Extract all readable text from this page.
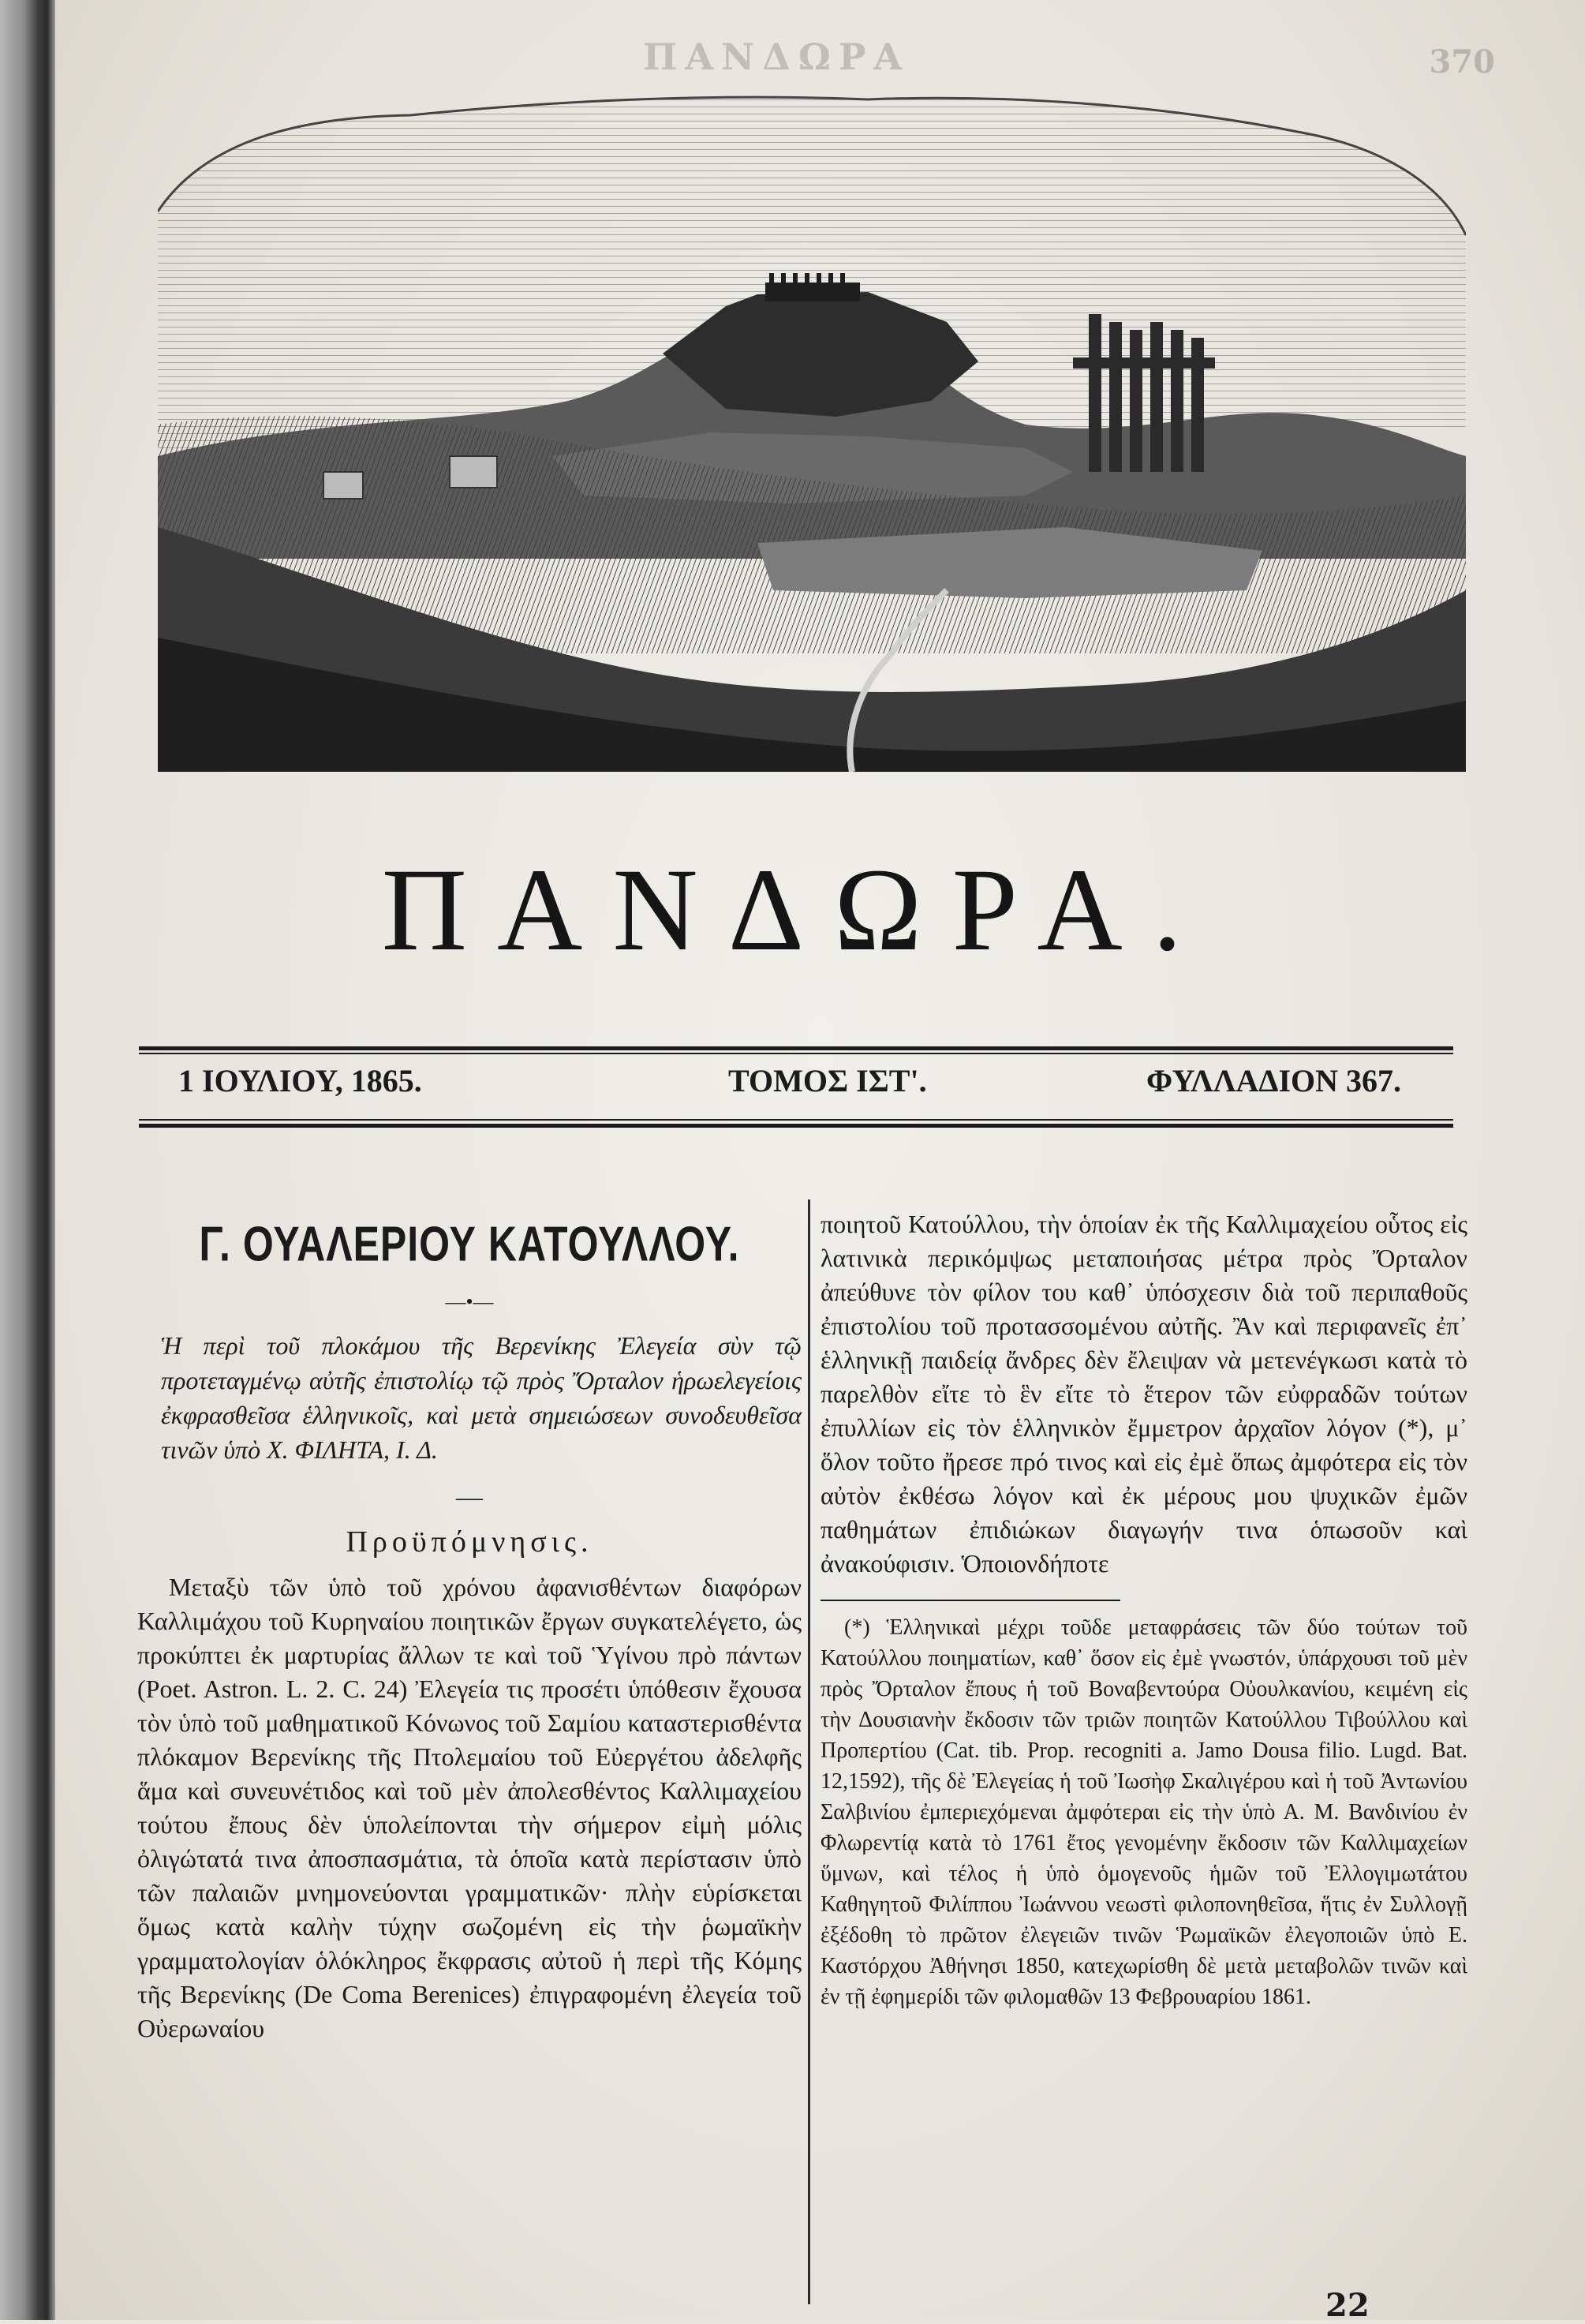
ΠΑΝΔΩΡΑ	370
ΠΑΝΔΩΡΑ.
1 ΙΟΥΛΙΟΥ, 1865.	ΤΟΜΟΣ ΙΣΤ'.	ΦΥΛΛΑΔΙΟΝ 367.
Γ. ΟΥΑΛΕΡΙΟΥ ΚΑΤΟΥΛΛΟΥ.
—•—

Ἡ περὶ τοῦ πλοκάμου τῆς Βερενίκης Ἐλεγεία σὺν τῷ προτεταγμένῳ αὐτῆς ἐπιστολίῳ τῷ πρὸς Ὄρταλον ἡρωελεγείοις ἐκφρασθεῖσα ἑλληνικοῖς, καὶ μετὰ σημειώσεων συνοδευθεῖσα τινῶν ὑπὸ Χ. ΦΙΛΗΤΑ, Ι. Δ.

—
Προϋπόμνησις.

Μεταξὺ τῶν ὑπὸ τοῦ χρόνου ἀφανισθέντων διαφόρων Καλλιμάχου τοῦ Κυρηναίου ποιητικῶν ἔργων συγκατελέγετο, ὡς προκύπτει ἐκ μαρτυρίας ἄλλων τε καὶ τοῦ Ὑγίνου πρὸ πάντων (Poet. Astron. L. 2. C. 24) Ἐλεγεία τις προσέτι ὑπόθεσιν ἔχουσα τὸν ὑπὸ τοῦ μαθηματικοῦ Κόνωνος τοῦ Σαμίου καταστερισθέντα πλόκαμον Βερενίκης τῆς Πτολεμαίου τοῦ Εὐεργέτου ἀδελφῆς ἅμα καὶ συνευνέτιδος καὶ τοῦ μὲν ἀπολεσθέντος Καλλιμαχείου τούτου ἔπους δὲν ὑπολείπονται τὴν σήμερον εἰμὴ μόλις ὀλιγώτατά τινα ἀποσπασμάτια, τὰ ὁποῖα κατὰ περίστασιν ὑπὸ τῶν παλαιῶν μνημονεύονται γραμματικῶν· πλὴν εὑρίσκεται ὅμως κατὰ καλὴν τύχην σωζομένη εἰς τὴν ῥωμαϊκὴν γραμματολογίαν ὁλόκληρος ἔκφρασις αὐτοῦ ἡ περὶ τῆς Κόμης τῆς Βερενίκης (De Coma Berenices) ἐπιγραφομένη ἐλεγεία τοῦ Οὐερωναίου

ποιητοῦ Κατούλλου, τὴν ὁποίαν ἐκ τῆς Καλλιμαχείου οὗτος εἰς λατινικὰ περικόμψως μεταποιήσας μέτρα πρὸς Ὄρταλον ἀπεύθυνε τὸν φίλον του καθ᾿ ὑπόσχεσιν διὰ τοῦ περιπαθοῦς ἐπιστολίου τοῦ προτασσομένου αὐτῆς. Ἂν καὶ περιφανεῖς ἐπ᾿ ἑλληνικῇ παιδείᾳ ἄνδρες δὲν ἔλειψαν νὰ μετενέγκωσι κατὰ τὸ παρελθὸν εἴτε τὸ ἓν εἴτε τὸ ἕτερον τῶν εὐφραδῶν τούτων ἐπυλλίων εἰς τὸν ἑλληνικὸν ἔμμετρον ἀρχαῖον λόγον (*), μ᾿ ὅλον τοῦτο ἤρεσε πρό τινος καὶ εἰς ἐμὲ ὅπως ἀμφότερα εἰς τὸν αὐτὸν ἐκθέσω λόγον καὶ ἐκ μέρους μου ψυχικῶν ἐμῶν παθημάτων ἐπιδιώκων διαγωγήν τινα ὁπωσοῦν καὶ ἀνακούφισιν. Ὁποιονδήποτε

(*) Ἑλληνικαὶ μέχρι τοῦδε μεταφράσεις τῶν δύο τούτων τοῦ Κατούλλου ποιηματίων, καθ᾿ ὅσον εἰς ἐμὲ γνωστόν, ὑπάρχουσι τοῦ μὲν πρὸς Ὄρταλον ἔπους ἡ τοῦ Βοναβεντούρα Οὐουλκανίου, κειμένη εἰς τὴν Δουσιανὴν ἔκδοσιν τῶν τριῶν ποιητῶν Κατούλλου Τιβούλλου καὶ Προπερτίου (Cat. tib. Prop. recogniti a. Jamo Dousa filio. Lugd. Bat. 12,1592), τῆς δὲ Ἐλεγείας ἡ τοῦ Ἰωσὴφ Σκαλιγέρου καὶ ἡ τοῦ Ἀντωνίου Σαλβινίου ἐμπεριεχόμεναι ἀμφότεραι εἰς τὴν ὑπὸ Α. Μ. Βανδινίου ἐν Φλωρεντίᾳ κατὰ τὸ 1761 ἔτος γενομένην ἔκδοσιν τῶν Καλλιμαχείων ὕμνων, καὶ τέλος ἡ ὑπὸ ὁμογενοῦς ἡμῶν τοῦ Ἐλλογιμωτάτου Καθηγητοῦ Φιλίππου Ἰωάννου νεωστὶ φιλοπονηθεῖσα, ἥτις ἐν Συλλογῇ ἐξέδοθη τὸ πρῶτον ἐλεγειῶν τινῶν Ῥωμαϊκῶν ἐλεγοποιῶν ὑπὸ Ε. Καστόρχου Ἀθήνησι 1850, κατεχωρίσθη δὲ μετὰ μεταβολῶν τινῶν καὶ ἐν τῇ ἐφημερίδι τῶν φιλομαθῶν 13 Φεβρουαρίου 1861.

22
